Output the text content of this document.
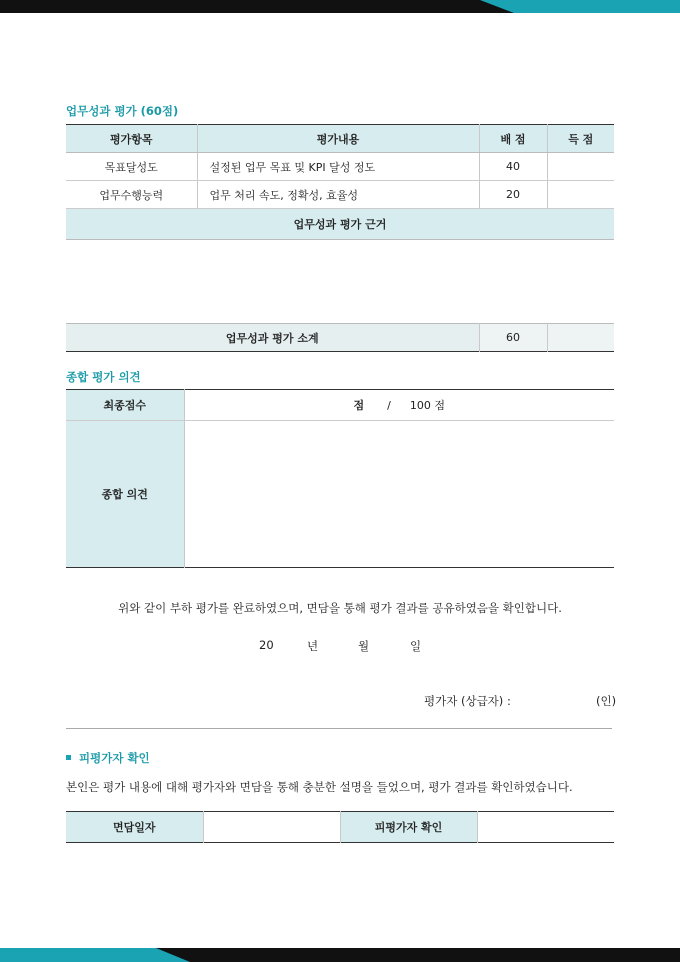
업무성과 평가 (60점)
평가항목	평가내용	배 점	득 점
목표달성도	설정된 업무 목표 및 KPI 달성 정도	40	
업무수행능력	업무 처리 속도, 정확성, 효율성	20	
업무성과 평가 근거			
업무성과 평가 소계	60	
종합 평가 의견
최종점수	점 / 100 점
종합 의견	
위와 같이 부하 평가를 완료하였으며, 면담을 통해 평가 결과를 공유하였음을 확인합니다.
20	년	월	일
평가자 (상급자) :	(인)
피평가자 확인
본인은 평가 내용에 대해 평가자와 면담을 통해 충분한 설명을 들었으며, 평가 결과를 확인하였습니다.
면담일자		피평가자 확인	
